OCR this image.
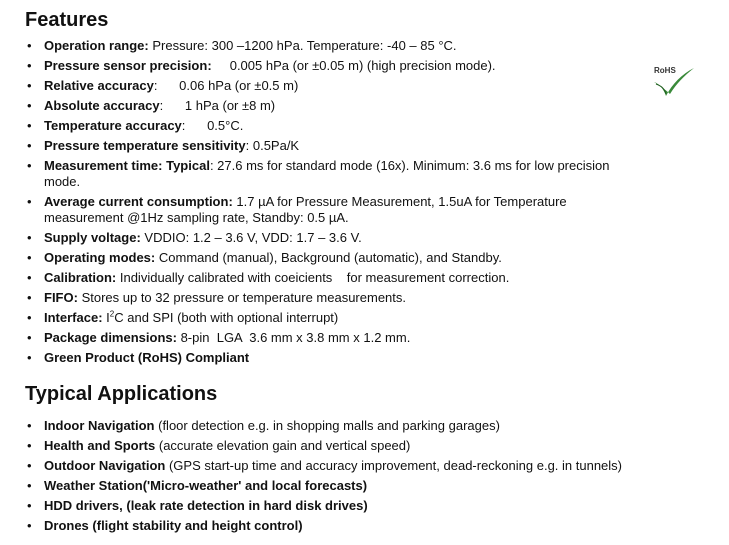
Features
RoHS
• Operation range: Pressure: 300 –1200 hPa. Temperature: -40 – 85 °C.
• Pressure sensor precision:     0.005 hPa (or ±0.05 m) (high precision mode).
• Relative accuracy:      0.06 hPa (or ±0.5 m)
• Absolute accuracy:      1 hPa (or ±8 m)
• Temperature accuracy:      0.5°C.
• Pressure temperature sensitivity: 0.5Pa/K
• Measurement time: Typical: 27.6 ms for standard mode (16x). Minimum: 3.6 ms for low precision mode.
• Average current consumption: 1.7 µA for Pressure Measurement, 1.5uA for Temperature measurement @1Hz sampling rate, Standby: 0.5 µA.
• Supply voltage: VDDIO: 1.2 – 3.6 V, VDD: 1.7 – 3.6 V.
• Operating modes: Command (manual), Background (automatic), and Standby.
• Calibration: Individually calibrated with coeicients    for measurement correction.
• FIFO: Stores up to 32 pressure or temperature measurements.
• Interface: $I^2C$ and SPI (both with optional interrupt)
• Package dimensions: 8-pin  LGA  3.6 mm x 3.8 mm x 1.2 mm.
• Green Product (RoHS) Compliant
Typical Applications
• Indoor Navigation (floor detection e.g. in shopping malls and parking garages)
• Health and Sports (accurate elevation gain and vertical speed)
• Outdoor Navigation (GPS start-up time and accuracy improvement, dead-reckoning e.g. in tunnels)
• Weather Station('Micro-weather' and local forecasts)
• HDD drivers, (leak rate detection in hard disk drives)
• Drones (flight stability and height control)
